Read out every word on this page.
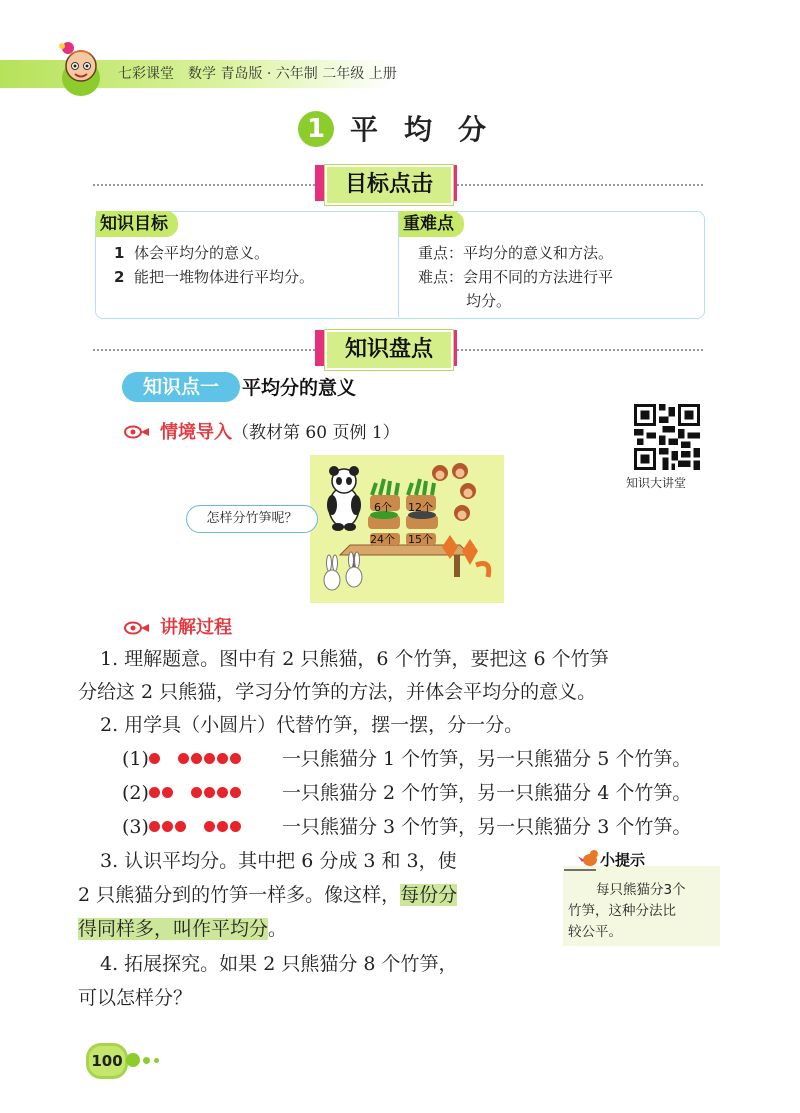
七彩课堂　数学 青岛版 · 六年制 二年级 上册
1 平均分
目标点击
知识目标	重难点
1 体会平均分的意义。
2 能把一堆物体进行平均分。
重点：平均分的意义和方法。
难点：会用不同的方法进行平
均分。
知识盘点
知识点一	平均分的意义
情境导入（教材第 60 页例 1）
知识大讲堂
6个 12个
24个 15个
怎样分竹笋呢？
讲解过程
1. 理解题意。图中有 2 只熊猫，6 个竹笋，要把这 6 个竹笋
分给这 2 只熊猫，学习分竹笋的方法，并体会平均分的意义。
2. 用学具（小圆片）代替竹笋，摆一摆，分一分。
(1)	一只熊猫分 1 个竹笋，另一只熊猫分 5 个竹笋。
(2)	一只熊猫分 2 个竹笋，另一只熊猫分 4 个竹笋。
(3)	一只熊猫分 3 个竹笋，另一只熊猫分 3 个竹笋。
3. 认识平均分。其中把 6 分成 3 和 3，使
2 只熊猫分到的竹笋一样多。像这样，每份分
得同样多，叫作平均分。
4. 拓展探究。如果 2 只熊猫分 8 个竹笋，
可以怎样分？
小提示
每只熊猫分3个
竹笋，这种分法比
较公平。
100
